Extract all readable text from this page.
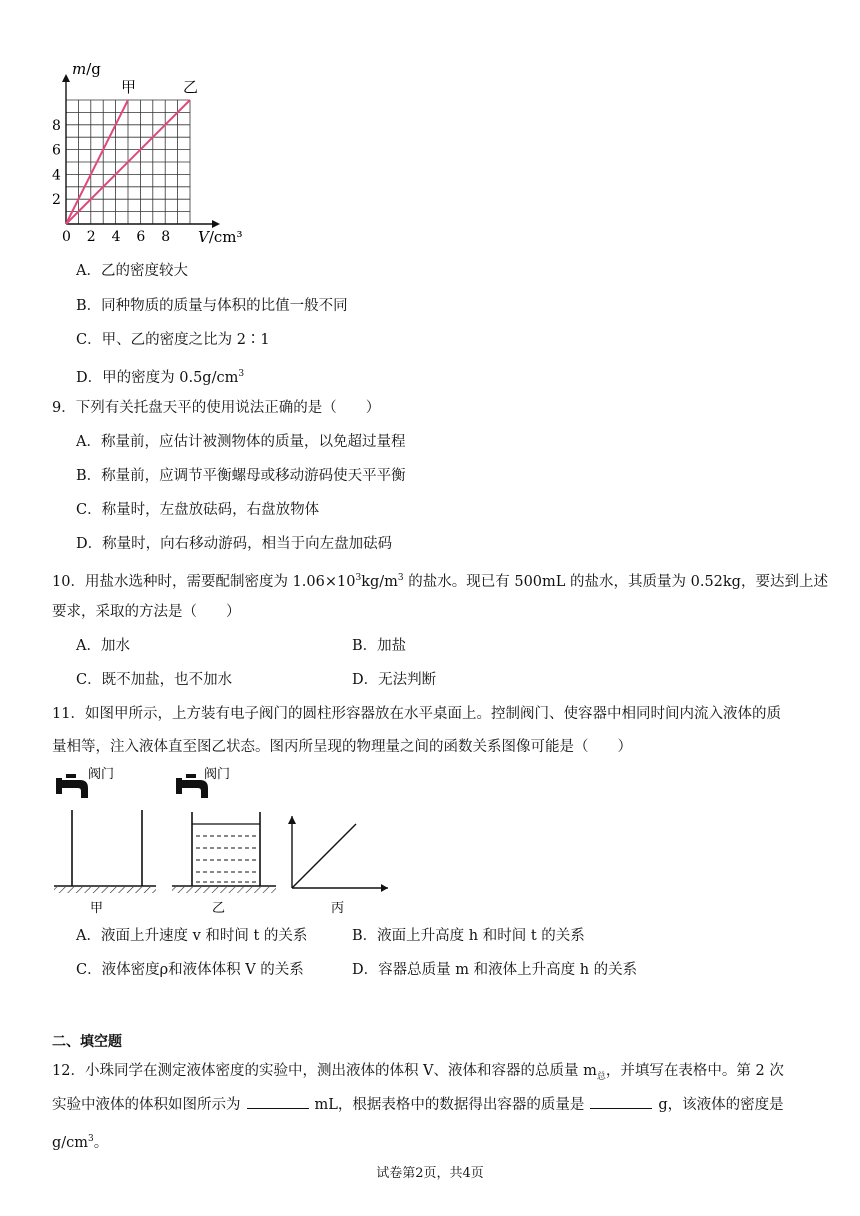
甲	乙
0 2 4 6 8
2
4
6
8
m/g
V/cm³
A．乙的密度较大
B．同种物质的质量与体积的比值一般不同
C．甲、乙的密度之比为 2∶1
D．甲的密度为 $0.5g/cm^3$
9．下列有关托盘天平的使用说法正确的是（　　）
A．称量前，应估计被测物体的质量，以免超过量程
B．称量前，应调节平衡螺母或移动游码使天平平衡
C．称量时，左盘放砝码，右盘放物体
D．称量时，向右移动游码，相当于向左盘加砝码
10．用盐水选种时，需要配制密度为 $1.06\times 10^3kg/m^3$ 的盐水。现已有 500mL 的盐水，其质量为 0.52kg，要达到上述
要求，采取的方法是（　　）
A．加水	B．加盐
C．既不加盐，也不加水	D．无法判断
11．如图甲所示，上方装有电子阀门的圆柱形容器放在水平桌面上。控制阀门、使容器中相同时间内流入液体的质
量相等，注入液体直至图乙状态。图丙所呈现的物理量之间的函数关系图像可能是（　　）
阀门
甲
阀门
乙	丙
A．液面上升速度 v 和时间 t 的关系	B．液面上升高度 h 和时间 t 的关系
C．液体密度ρ和液体体积 V 的关系	D．容器总质量 m 和液体上升高度 h 的关系
二、填空题
12．小珠同学在测定液体密度的实验中，测出液体的体积 V、液体和容器的总质量 $m_总$，并填写在表格中。第 2 次
实验中液体的体积如图所示为	mL，根据表格中的数据得出容器的质量是	g，该液体的密度是
$g/cm^3$。
试卷第2页，共4页
